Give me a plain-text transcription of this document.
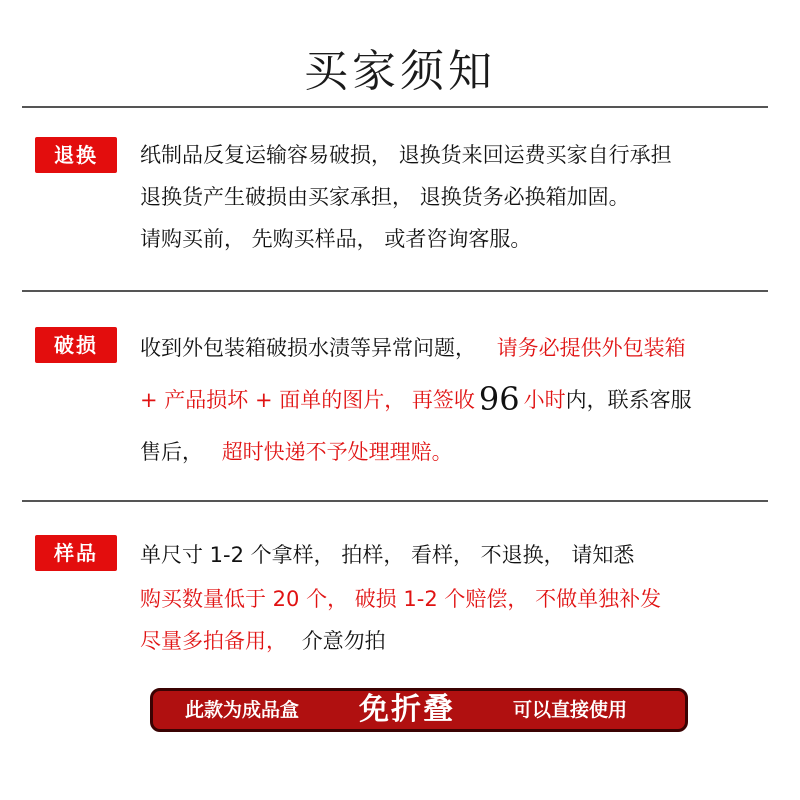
买家须知
退换	纸制品反复运输容易破损， 退换货来回运费买家自行承担
退换货产生破损由买家承担， 退换货务必换箱加固。
请购买前， 先购买样品， 或者咨询客服。
破损	收到外包装箱破损水渍等异常问题， 请务必提供外包装箱
+ 产品损坏 + 面单的图片， 再签收 96 小时内，联系客服
售后， 超时快递不予处理理赔。
样品	单尺寸 1-2 个拿样， 拍样， 看样， 不退换， 请知悉
购买数量低于 20 个， 破损 1-2 个赔偿， 不做单独补发
尽量多拍备用， 介意勿拍
此款为成品盒 免折叠	可以直接使用
